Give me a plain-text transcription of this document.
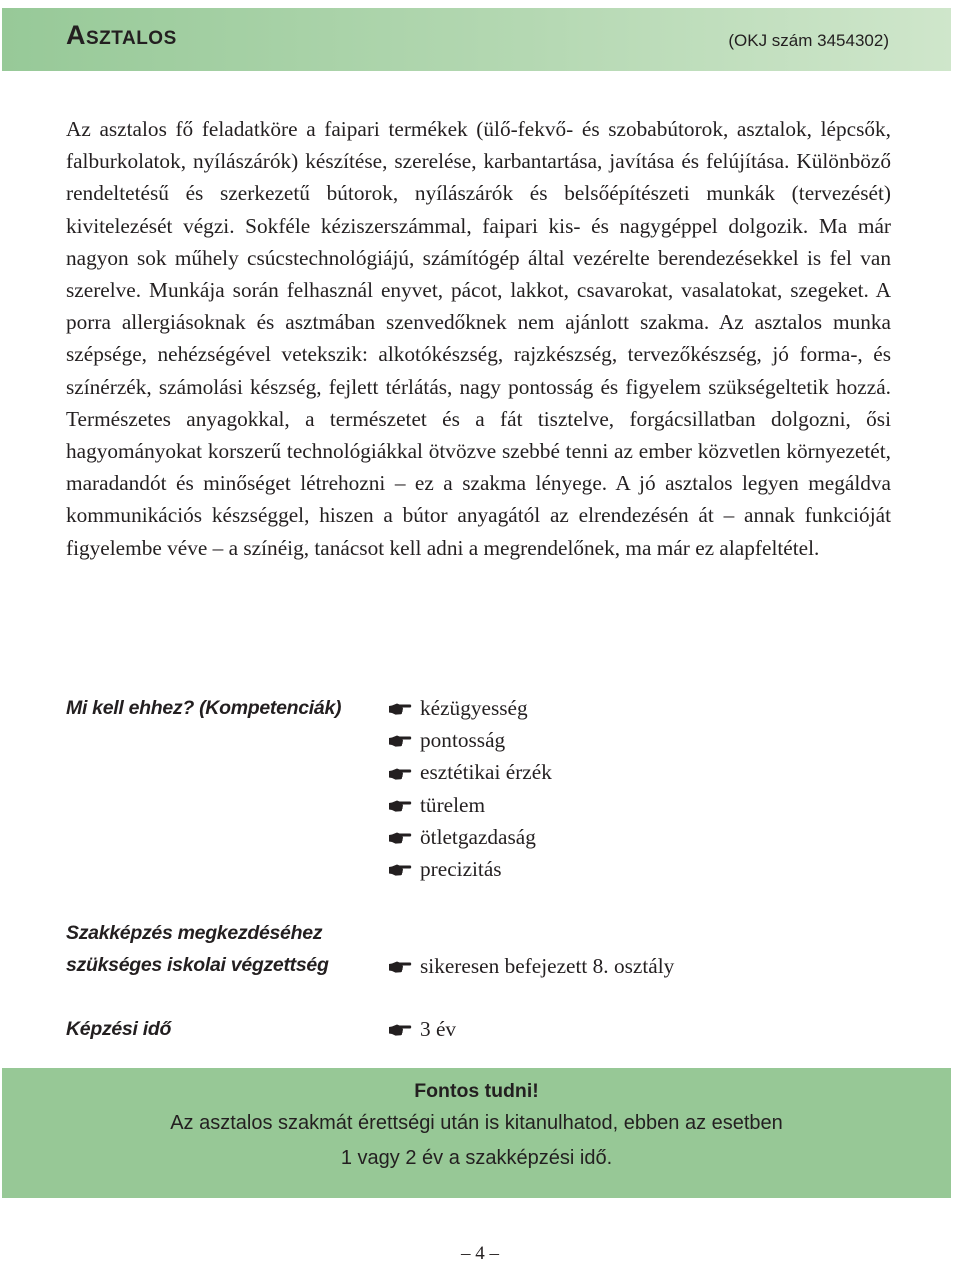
Asztalos	(OKJ szám 3454302)

Az asztalos fő feladatköre a faipari termékek (ülő-fekvő- és szobabútorok, asztalok, lépcsők, falburkolatok, nyílászárók) készítése, szerelése, karbantartása, javítása és felújítása. Különböző rendeltetésű és szerkezetű bútorok, nyílászárók és belsőépítészeti munkák (tervezését) kivitelezését végzi. Sokféle kéziszerszámmal, faipari kis- és nagygéppel dolgozik. Ma már nagyon sok műhely csúcstechnológiájú, számítógép által vezérelte berendezésekkel is fel van szerelve. Munkája során felhasznál enyvet, pácot, lakkot, csavarokat, vasalatokat, szegeket. A porra allergiásoknak és asztmában szenvedőknek nem ajánlott szakma. Az asztalos munka szépsége, nehézségével vetekszik: alkotókészség, rajzkészség, tervezőkészség, jó forma-, és színérzék, számolási készség, fejlett térlátás, nagy pontosság és figyelem szükségeltetik hozzá. Természetes anyagokkal, a természetet és a fát tisztelve, forgácsillatban dolgozni, ősi hagyományokat korszerű technológiákkal ötvözve szebbé tenni az ember közvetlen környezetét, maradandót és minőséget létrehozni – ez a szakma lényege. A jó asztalos legyen megáldva kommunikációs készséggel, hiszen a bútor anyagától az elrendezésén át – annak funkcióját figyelembe véve – a színéig, tanácsot kell adni a megrendelőnek, ma már ez alapfeltétel.

Mi kell ehhez? (Kompetenciák)	kézügyesség
pontosság
esztétikai érzék
türelem
ötletgazdaság
precizitás
Szakképzés megkezdéséhez
szükséges iskolai végzettség	sikeresen befejezett 8. osztály
Képzési idő	3 év
Fontos tudni!
Az asztalos szakmát érettségi után is kitanulhatod, ebben az esetben
1 vagy 2 év a szakképzési idő.
– 4 –
